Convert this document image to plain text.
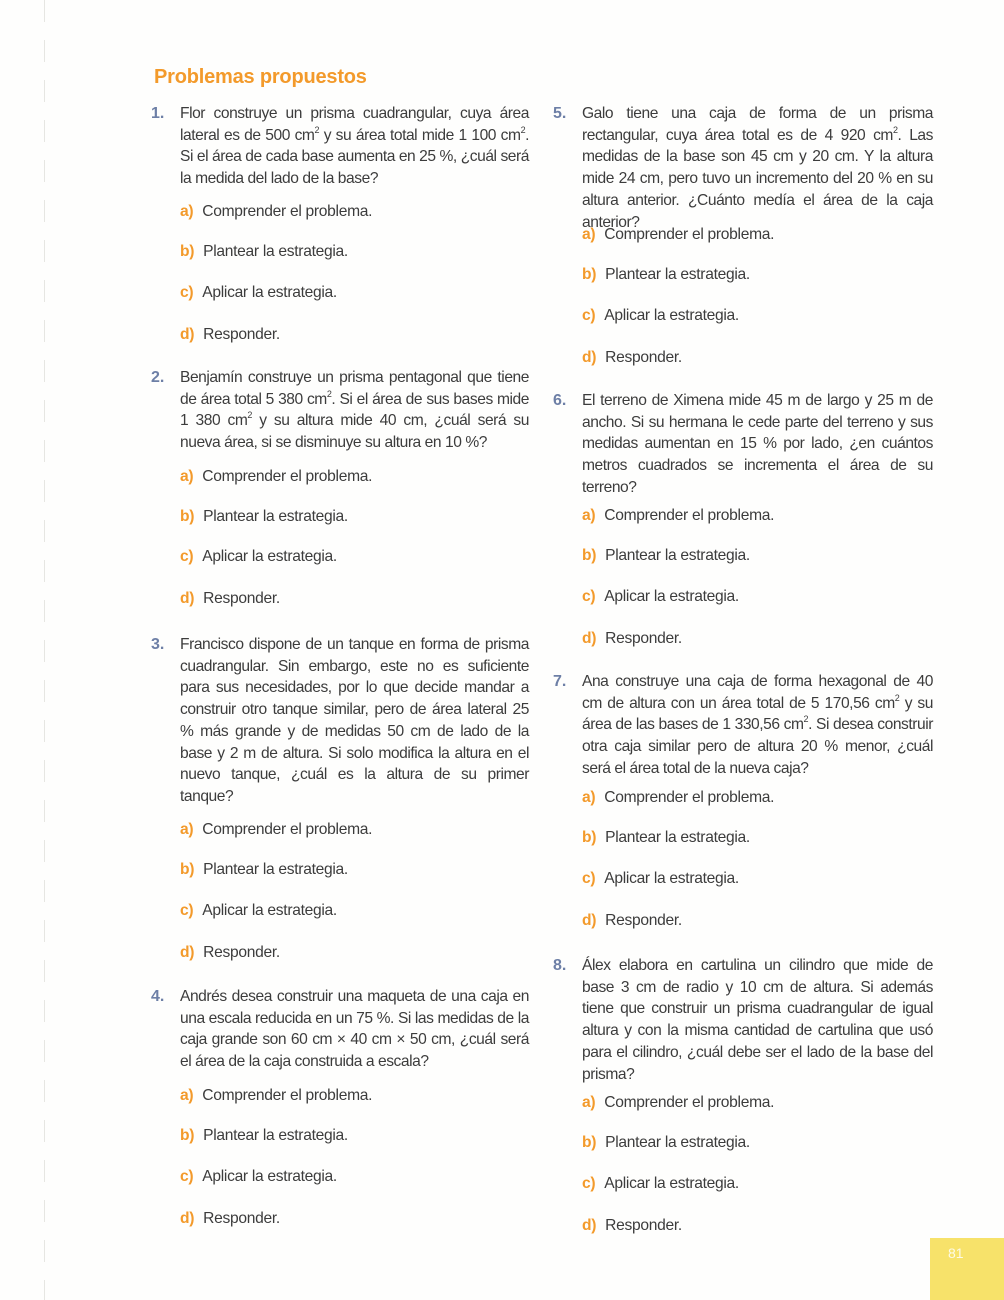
Problemas propuestos
1. Flor construye un prisma cuadrangular, cuya área lateral es de 500 $cm^2$ y su área total mide 1 100 $cm^2$. Si el área de cada base aumenta en 25 %, ¿cuál será la medida del lado de la base?

a) Comprender el problema.
b) Plantear la estrategia.
c) Aplicar la estrategia.
d) Responder.
2. Benjamín construye un prisma pentagonal que tiene de área total 5 380 $cm^2$. Si el área de sus bases mide 1 380 $cm^2$ y su altura mide 40 cm, ¿cuál será su nueva área, si se disminuye su altura en 10 %?

a) Comprender el problema.
b) Plantear la estrategia.
c) Aplicar la estrategia.
d) Responder.
3. Francisco dispone de un tanque en forma de prisma cuadrangular. Sin embargo, este no es suficiente para sus necesidades, por lo que decide mandar a construir otro tanque similar, pero de área lateral 25 % más grande y de medidas 50 cm de lado de la base y 2 m de altura. Si solo modifica la altura en el nuevo tanque, ¿cuál es la altura de su primer tanque?

a) Comprender el problema.
b) Plantear la estrategia.
c) Aplicar la estrategia.
d) Responder.
4. Andrés desea construir una maqueta de una caja en una escala reducida en un 75 %. Si las medidas de la caja grande son 60 cm × 40 cm × 50 cm, ¿cuál será el área de la caja construida a escala?

a) Comprender el problema.
b) Plantear la estrategia.
c) Aplicar la estrategia.
d) Responder.
5. Galo tiene una caja de forma de un prisma rectangular, cuya área total es de 4 920 $cm^2$. Las medidas de la base son 45 cm y 20 cm. Y la altura mide 24 cm, pero tuvo un incremento del 20 % en su altura anterior. ¿Cuánto medía el área de la caja anterior?

a) Comprender el problema.
b) Plantear la estrategia.
c) Aplicar la estrategia.
d) Responder.
6. El terreno de Ximena mide 45 m de largo y 25 m de ancho. Si su hermana le cede parte del terreno y sus medidas aumentan en 15 % por lado, ¿en cuántos metros cuadrados se incrementa el área de su terreno?

a) Comprender el problema.
b) Plantear la estrategia.
c) Aplicar la estrategia.
d) Responder.
7. Ana construye una caja de forma hexagonal de 40 cm de altura con un área total de 5 170,56 $cm^2$ y su área de las bases de 1 330,56 $cm^2$. Si desea construir otra caja similar pero de altura 20 % menor, ¿cuál será el área total de la nueva caja?

a) Comprender el problema.
b) Plantear la estrategia.
c) Aplicar la estrategia.
d) Responder.
8. Álex elabora en cartulina un cilindro que mide de base 3 cm de radio y 10 cm de altura. Si además tiene que construir un prisma cuadrangular de igual altura y con la misma cantidad de cartulina que usó para el cilindro, ¿cuál debe ser el lado de la base del prisma?

a) Comprender el problema.
b) Plantear la estrategia.
c) Aplicar la estrategia.
d) Responder.
81
